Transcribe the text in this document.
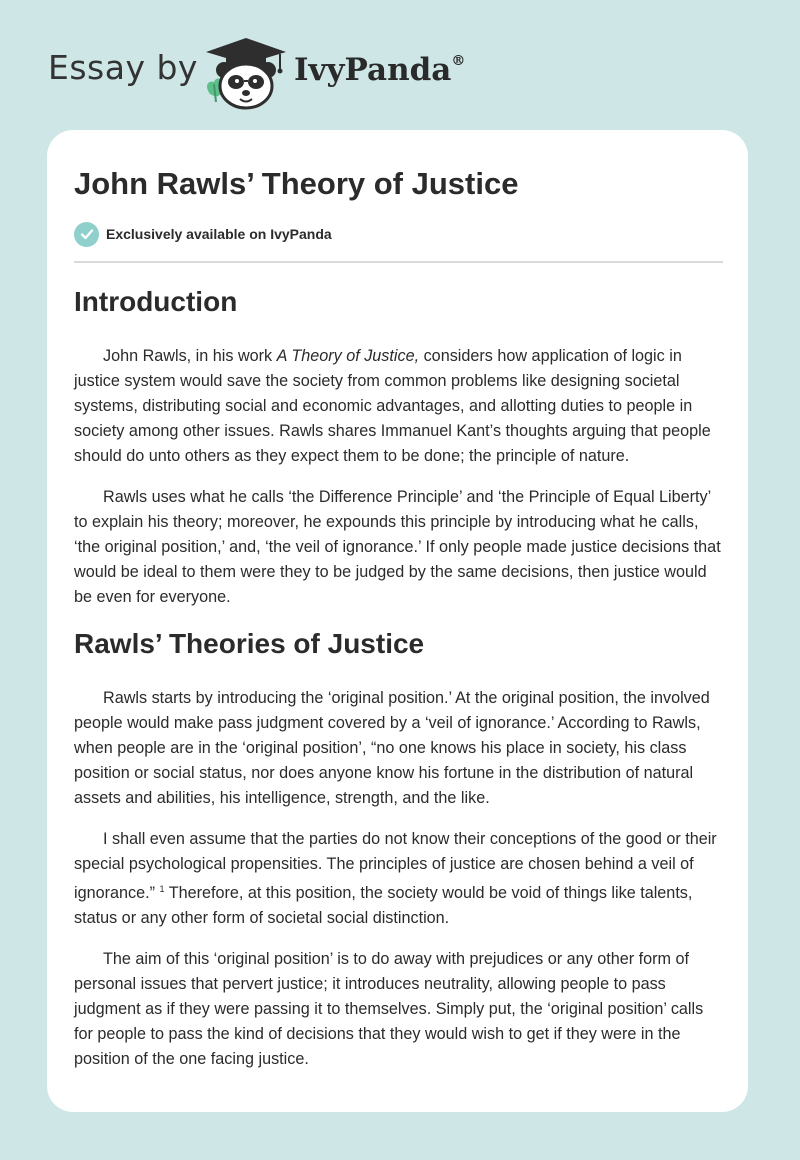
Essay by	IvyPanda®
John Rawls’ Theory of Justice
Exclusively available on IvyPanda
Introduction

John Rawls, in his work A Theory of Justice, considers how application of logic in justice system would save the society from common problems like designing societal systems, distributing social and economic advantages, and allotting duties to people in society among other issues. Rawls shares Immanuel Kant’s thoughts arguing that people should do unto others as they expect them to be done; the principle of nature.

Rawls uses what he calls ‘the Difference Principle’ and ‘the Principle of Equal Liberty’ to explain his theory; moreover, he expounds this principle by introducing what he calls, ‘the original position,’ and, ‘the veil of ignorance.’ If only people made justice decisions that would be ideal to them were they to be judged by the same decisions, then justice would be even for everyone.

Rawls’ Theories of Justice

Rawls starts by introducing the ‘original position.’ At the original position, the involved people would make pass judgment covered by a ‘veil of ignorance.’ According to Rawls, when people are in the ‘original position’, “no one knows his place in society, his class position or social status, nor does anyone know his fortune in the distribution of natural assets and abilities, his intelligence, strength, and the like.

I shall even assume that the parties do not know their conceptions of the good or their special psychological propensities. The principles of justice are chosen behind a veil of ignorance.” $^1$ Therefore, at this position, the society would be void of things like talents, status or any other form of societal social distinction.

The aim of this ‘original position’ is to do away with prejudices or any other form of personal issues that pervert justice; it introduces neutrality, allowing people to pass judgment as if they were passing it to themselves. Simply put, the ‘original position’ calls for people to pass the kind of decisions that they would wish to get if they were in the position of the one facing justice.
